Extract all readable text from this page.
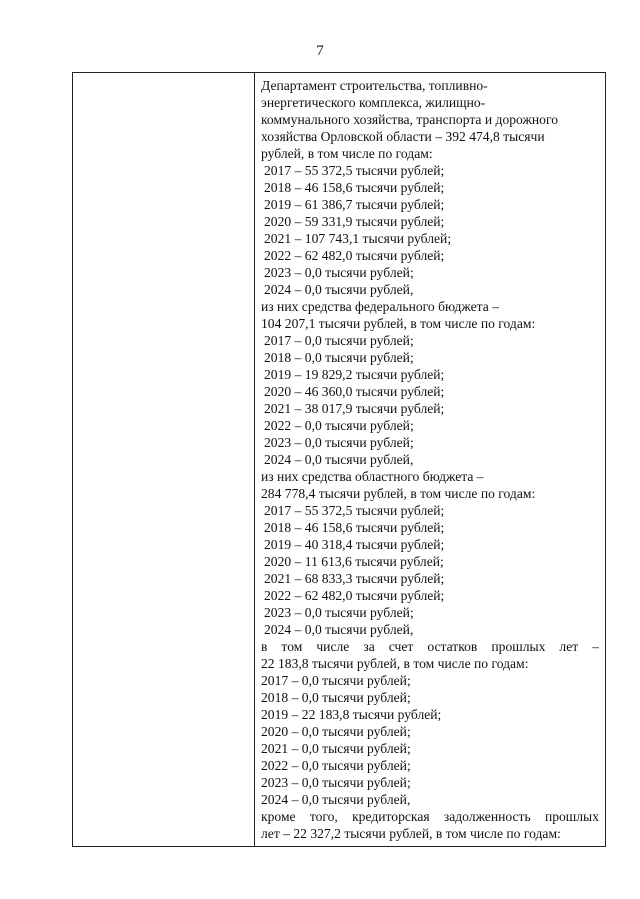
7
Департамент строительства, топливно-
энергетического комплекса, жилищно-
коммунального хозяйства, транспорта и дорожного
хозяйства Орловской области – 392 474,8 тысячи
рублей, в том числе по годам:
2017 – 55 372,5 тысячи рублей;
2018 – 46 158,6 тысячи рублей;
2019 – 61 386,7 тысячи рублей;
2020 – 59 331,9 тысячи рублей;
2021 – 107 743,1 тысячи рублей;
2022 – 62 482,0 тысячи рублей;
2023 – 0,0 тысячи рублей;
2024 – 0,0 тысячи рублей,
из них средства федерального бюджета –
104 207,1 тысячи рублей, в том числе по годам:
2017 – 0,0 тысячи рублей;
2018 – 0,0 тысячи рублей;
2019 – 19 829,2 тысячи рублей;
2020 – 46 360,0 тысячи рублей;
2021 – 38 017,9 тысячи рублей;
2022 – 0,0 тысячи рублей;
2023 – 0,0 тысячи рублей;
2024 – 0,0 тысячи рублей,
из них средства областного бюджета –
284 778,4 тысячи рублей, в том числе по годам:
2017 – 55 372,5 тысячи рублей;
2018 – 46 158,6 тысячи рублей;
2019 – 40 318,4 тысячи рублей;
2020 – 11 613,6 тысячи рублей;
2021 – 68 833,3 тысячи рублей;
2022 – 62 482,0 тысячи рублей;
2023 – 0,0 тысячи рублей;
2024 – 0,0 тысячи рублей,
в том числе за счет остатков прошлых лет –
22 183,8 тысячи рублей, в том числе по годам:
2017 – 0,0 тысячи рублей;
2018 – 0,0 тысячи рублей;
2019 – 22 183,8 тысячи рублей;
2020 – 0,0 тысячи рублей;
2021 – 0,0 тысячи рублей;
2022 – 0,0 тысячи рублей;
2023 – 0,0 тысячи рублей;
2024 – 0,0 тысячи рублей,
кроме того, кредиторская задолженность прошлых
лет – 22 327,2 тысячи рублей, в том числе по годам:
